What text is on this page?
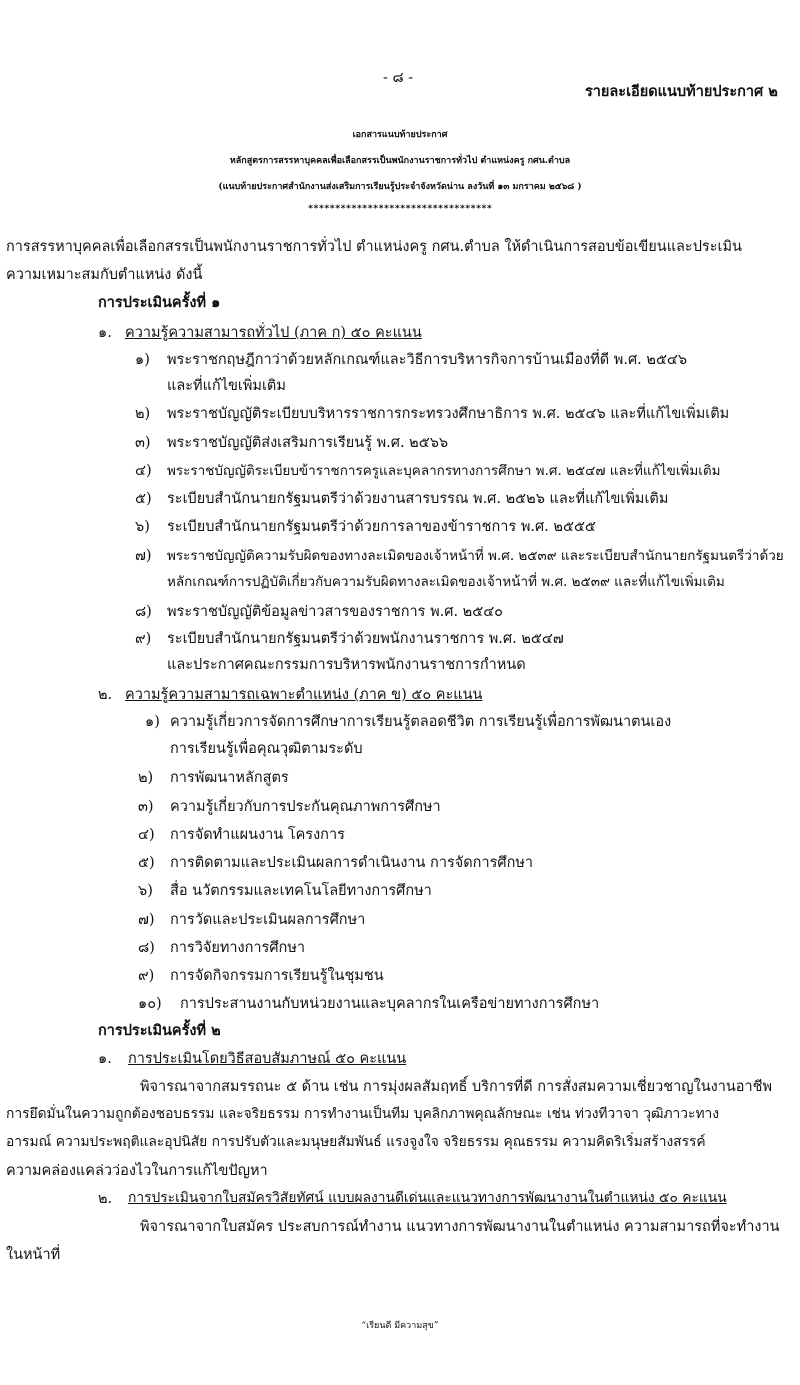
- ๘ -
รายละเอียดแนบท้ายประกาศ ๒
เอกสารแนบท้ายประกาศ
หลักสูตรการสรรหาบุคคลเพื่อเลือกสรรเป็นพนักงานราชการทั่วไป ตำแหน่งครู กศน.ตำบล
(แนบท้ายประกาศสำนักงานส่งเสริมการเรียนรู้ประจำจังหวัดน่าน ลงวันที่ ๑๓ มกราคม ๒๕๖๘ )
**********************************
การสรรหาบุคคลเพื่อเลือกสรรเป็นพนักงานราชการทั่วไป ตำแหน่งครู กศน.ตำบล ให้ดำเนินการสอบข้อเขียนและประเมิน
ความเหมาะสมกับตำแหน่ง ดังนี้
การประเมินครั้งที่ ๑
๑. ความรู้ความสามารถทั่วไป (ภาค ก) ๕๐ คะแนน
๑) พระราชกฤษฎีกาว่าด้วยหลักเกณฑ์และวิธีการบริหารกิจการบ้านเมืองที่ดี พ.ศ. ๒๕๔๖
และที่แก้ไขเพิ่มเติม
๒) พระราชบัญญัติระเบียบบริหารราชการกระทรวงศึกษาธิการ พ.ศ. ๒๕๔๖ และที่แก้ไขเพิ่มเติม
๓) พระราชบัญญัติส่งเสริมการเรียนรู้ พ.ศ. ๒๕๖๖
๔) พระราชบัญญัติระเบียบข้าราชการครูและบุคลากรทางการศึกษา พ.ศ. ๒๕๔๗ และที่แก้ไขเพิ่มเติม
๕) ระเบียบสำนักนายกรัฐมนตรีว่าด้วยงานสารบรรณ พ.ศ. ๒๕๒๖ และที่แก้ไขเพิ่มเติม
๖) ระเบียบสำนักนายกรัฐมนตรีว่าด้วยการลาของข้าราชการ พ.ศ. ๒๕๕๕
๗) พระราชบัญญัติความรับผิดของทางละเมิดของเจ้าหน้าที่ พ.ศ. ๒๕๓๙ และระเบียบสำนักนายกรัฐมนตรีว่าด้วย
หลักเกณฑ์การปฏิบัติเกี่ยวกับความรับผิดทางละเมิดของเจ้าหน้าที่ พ.ศ. ๒๕๓๙ และที่แก้ไขเพิ่มเติม
๘) พระราชบัญญัติข้อมูลข่าวสารของราชการ พ.ศ. ๒๕๔๐
๙) ระเบียบสำนักนายกรัฐมนตรีว่าด้วยพนักงานราชการ พ.ศ. ๒๕๔๗
และประกาศคณะกรรมการบริหารพนักงานราชการกำหนด
๒. ความรู้ความสามารถเฉพาะตำแหน่ง (ภาค ข) ๕๐ คะแนน
๑) ความรู้เกี่ยวการจัดการศึกษาการเรียนรู้ตลอดชีวิต การเรียนรู้เพื่อการพัฒนาตนเอง
การเรียนรู้เพื่อคุณวุฒิตามระดับ
๒) การพัฒนาหลักสูตร
๓) ความรู้เกี่ยวกับการประกันคุณภาพการศึกษา
๔) การจัดทำแผนงาน โครงการ
๕) การติดตามและประเมินผลการดำเนินงาน การจัดการศึกษา
๖) สื่อ นวัตกรรมและเทคโนโลยีทางการศึกษา
๗) การวัดและประเมินผลการศึกษา
๘) การวิจัยทางการศึกษา
๙) การจัดกิจกรรมการเรียนรู้ในชุมชน
๑๐) การประสานงานกับหน่วยงานและบุคลากรในเครือข่ายทางการศึกษา
การประเมินครั้งที่ ๒
๑. การประเมินโดยวิธีสอบสัมภาษณ์ ๕๐ คะแนน
พิจารณาจากสมรรถนะ ๕ ด้าน เช่น การมุ่งผลสัมฤทธิ์ บริการที่ดี การสั่งสมความเชี่ยวชาญในงานอาชีพ
การยึดมั่นในความถูกต้องชอบธรรม และจริยธรรม การทำงานเป็นทีม บุคลิกภาพคุณลักษณะ เช่น ท่วงทีวาจา วุฒิภาวะทาง
อารมณ์ ความประพฤติและอุปนิสัย การปรับตัวและมนุษยสัมพันธ์ แรงจูงใจ จริยธรรม คุณธรรม ความคิดริเริ่มสร้างสรรค์
ความคล่องแคล่วว่องไวในการแก้ไขปัญหา
๒. การประเมินจากใบสมัครวิสัยทัศน์ แบบผลงานดีเด่นและแนวทางการพัฒนางานในตำแหน่ง ๕๐ คะแนน
พิจารณาจากใบสมัคร ประสบการณ์ทำงาน แนวทางการพัฒนางานในตำแหน่ง ความสามารถที่จะทำงาน
ในหน้าที่
“เรียนดี มีความสุข”
